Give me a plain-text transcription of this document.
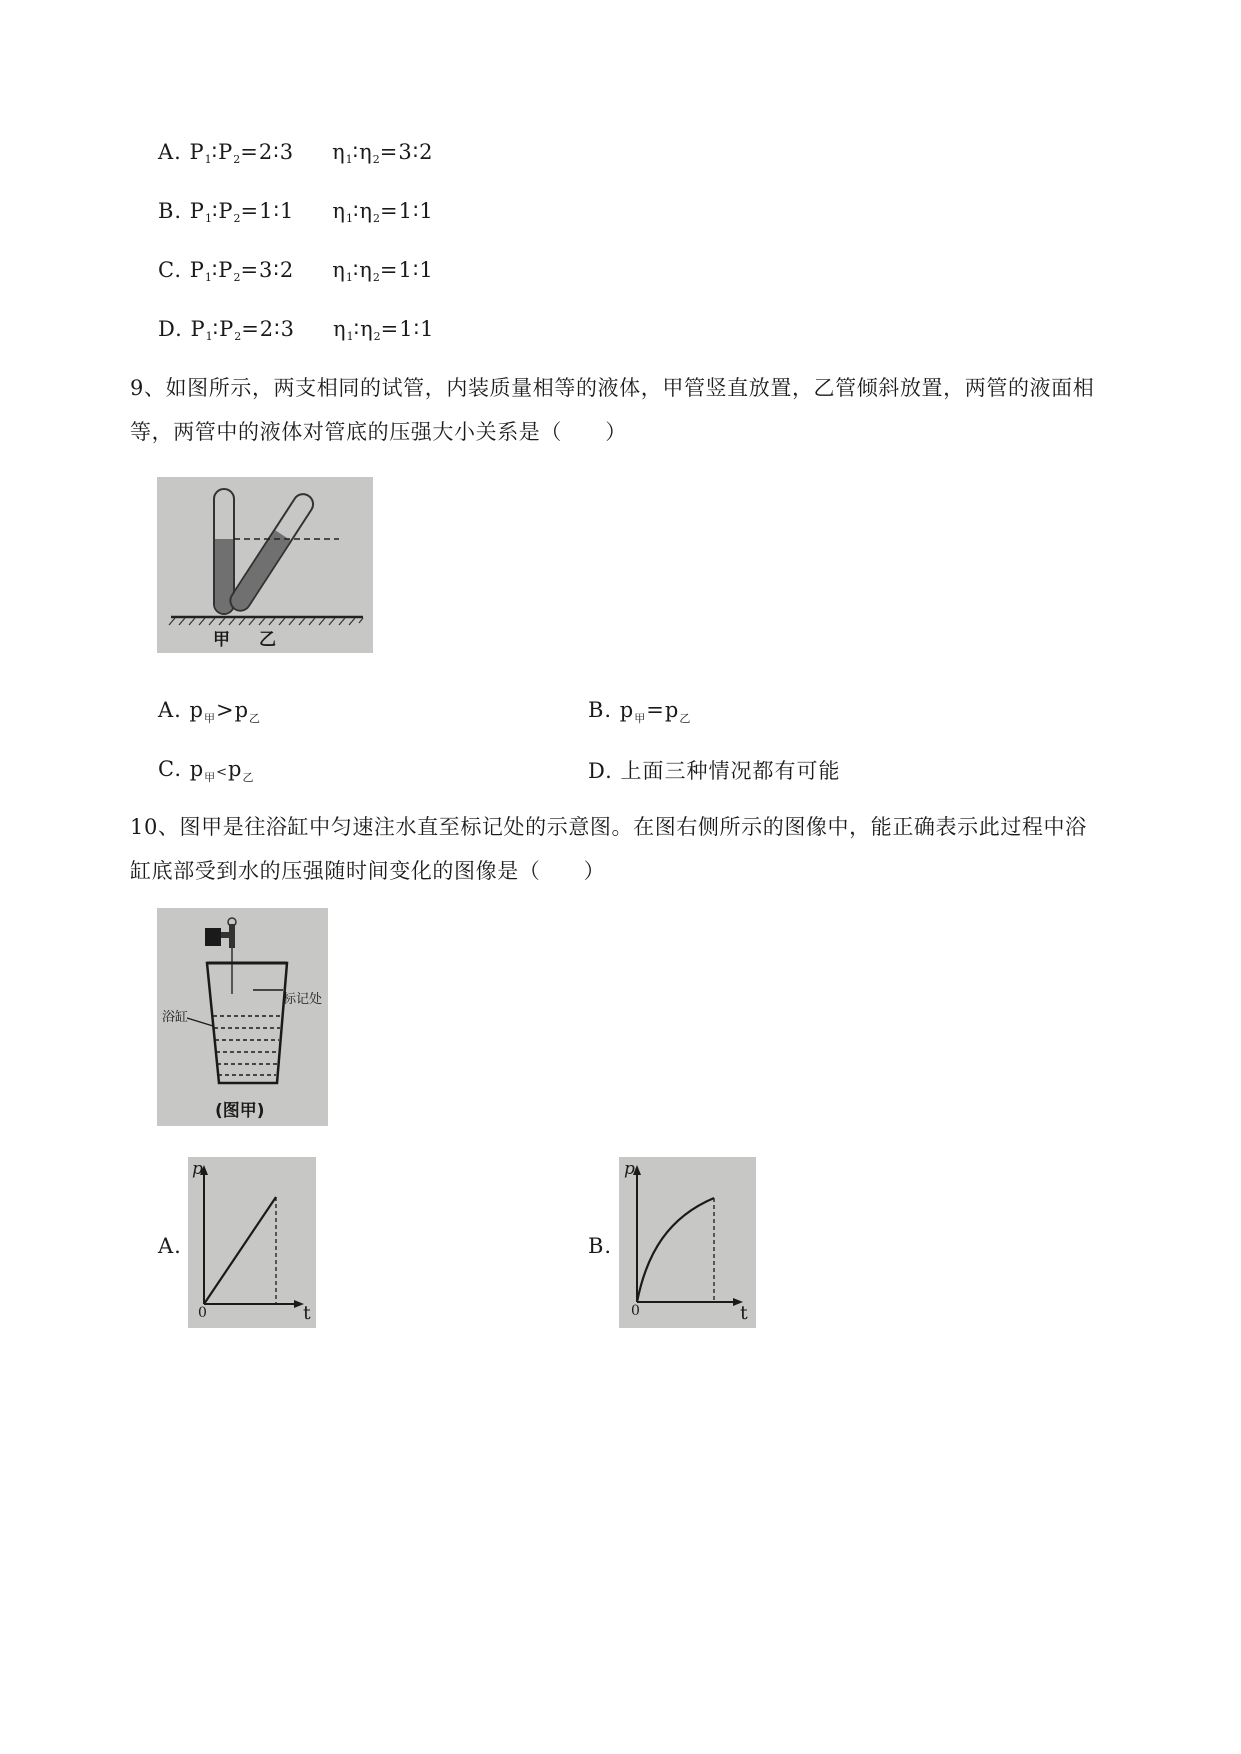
A. $P_1∶P_2=2∶3$ $\eta_1∶\eta_2=3∶2$
B. $P_1∶P_2=1∶1$ $\eta_1∶\eta_2=1∶1$
C. $P_1∶P_2=3∶2$ $\eta_1∶\eta_2=1∶1$
D. $P_1∶P_2=2∶3$ $\eta_1∶\eta_2=1∶1$
9、如图所示，两支相同的试管，内装质量相等的液体，甲管竖直放置，乙管倾斜放置，两管的液面相
等，两管中的液体对管底的压强大小关系是（　　）
甲 乙
A. $p_甲>p_乙$	B. $p_甲=p_乙$
C. $p_甲<p_乙$	D. 上面三种情况都有可能
10、图甲是往浴缸中匀速注水直至标记处的示意图。在图右侧所示的图像中，能正确表示此过程中浴
缸底部受到水的压强随时间变化的图像是（　　）
标记处
浴缸
(图甲)
A.
p
t
0
B.
p
t
0
